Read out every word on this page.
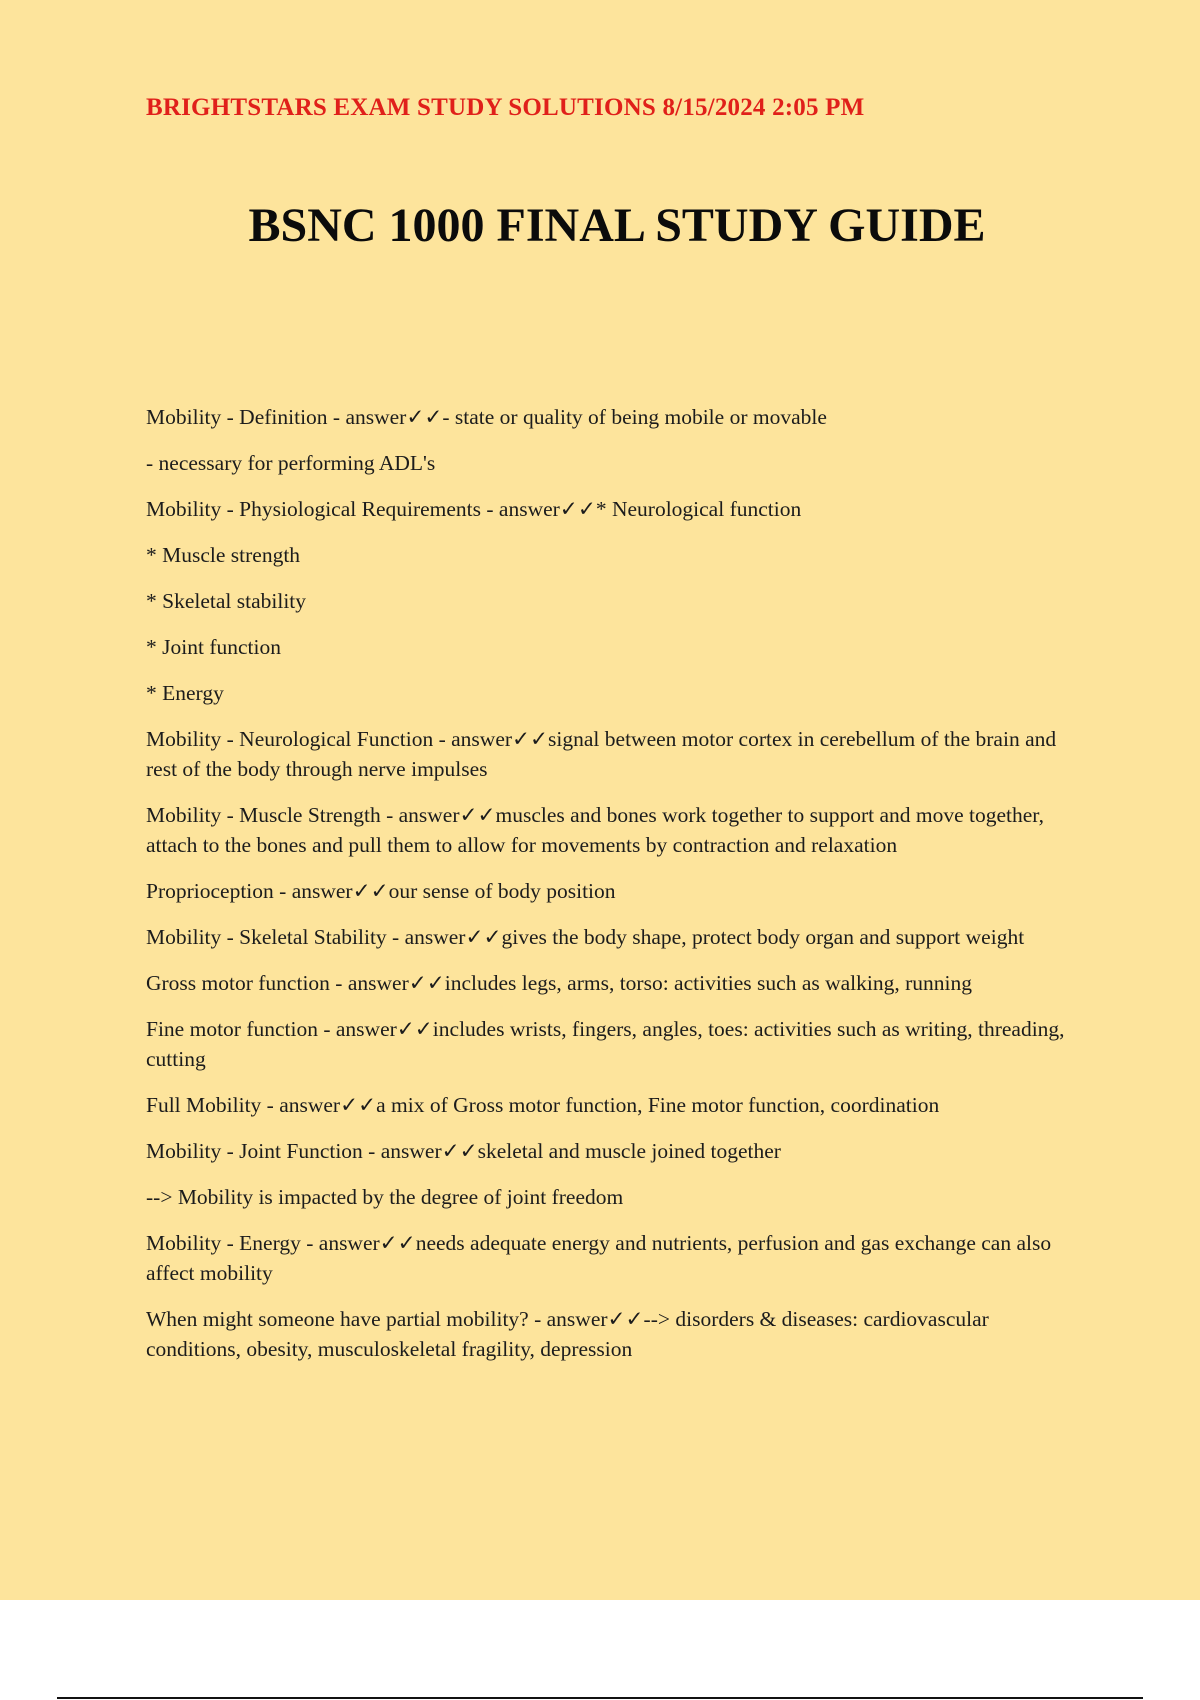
BRIGHTSTARS EXAM STUDY SOLUTIONS 8/15/2024 2:05 PM
BSNC 1000 FINAL STUDY GUIDE

Mobility - Definition - answer✓✓- state or quality of being mobile or movable

- necessary for performing ADL's

Mobility - Physiological Requirements - answer✓✓* Neurological function

* Muscle strength

* Skeletal stability

* Joint function

* Energy

Mobility - Neurological Function - answer✓✓signal between motor cortex in cerebellum of the brain and rest of the body through nerve impulses

Mobility - Muscle Strength - answer✓✓muscles and bones work together to support and move together, attach to the bones and pull them to allow for movements by contraction and relaxation

Proprioception - answer✓✓our sense of body position

Mobility - Skeletal Stability - answer✓✓gives the body shape, protect body organ and support weight

Gross motor function - answer✓✓includes legs, arms, torso: activities such as walking, running

Fine motor function - answer✓✓includes wrists, fingers, angles, toes: activities such as writing, threading, cutting

Full Mobility - answer✓✓a mix of Gross motor function, Fine motor function, coordination

Mobility - Joint Function - answer✓✓skeletal and muscle joined together

--> Mobility is impacted by the degree of joint freedom

Mobility - Energy - answer✓✓needs adequate energy and nutrients, perfusion and gas exchange can also affect mobility

When might someone have partial mobility? - answer✓✓--> disorders & diseases: cardiovascular conditions, obesity, musculoskeletal fragility, depression
